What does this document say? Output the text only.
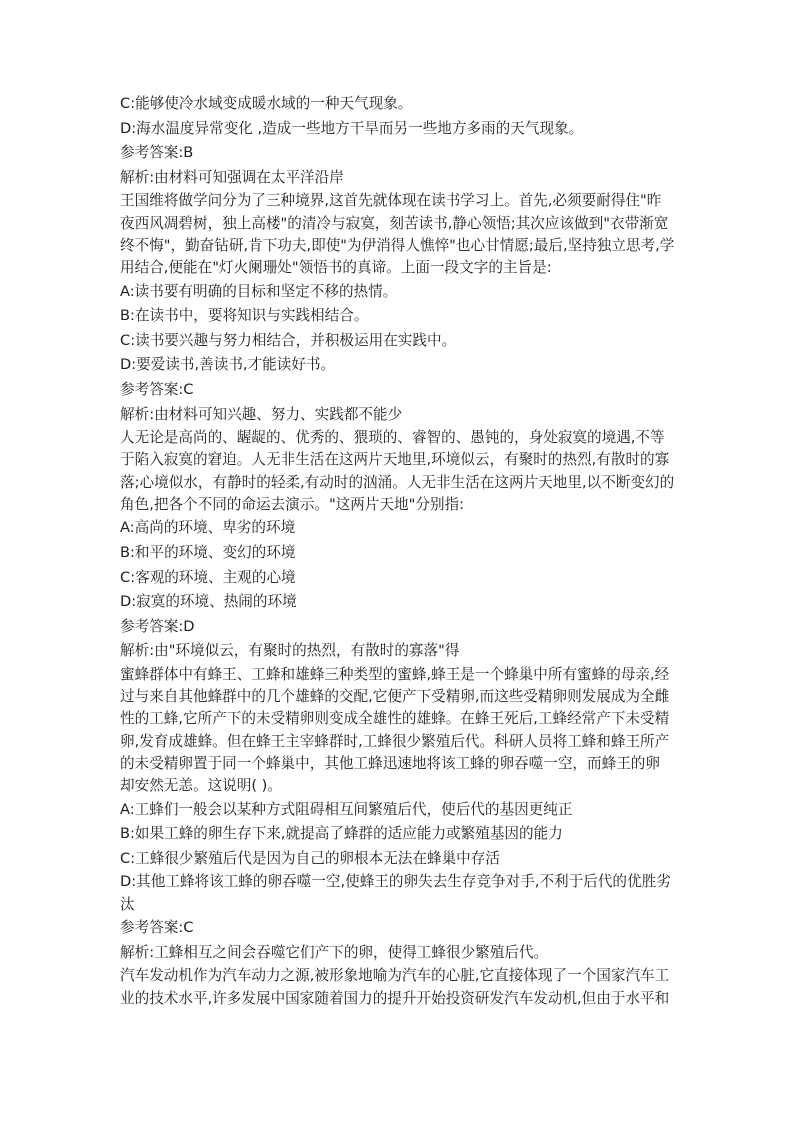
C:能够使冷水域变成暖水域的一种天气现象。
D:海水温度异常变化 ,造成一些地方干旱而另一些地方多雨的天气现象。
参考答案:B
解析:由材料可知强调在太平洋沿岸
王国维将做学问分为了三种境界,这首先就体现在读书学习上。首先,必须要耐得住"昨
夜西风凋碧树，独上高楼"的清冷与寂寞，刻苦读书,静心领悟;其次应该做到"衣带渐宽
终不悔"，勤奋钻研,肯下功夫,即使"为伊消得人憔悴"也心甘情愿;最后,坚持独立思考,学
用结合,便能在"灯火阑珊处"领悟书的真谛。上面一段文字的主旨是:
A:读书要有明确的目标和坚定不移的热情。
B:在读书中，要将知识与实践相结合。
C:读书要兴趣与努力相结合，并积极运用在实践中。
D:要爱读书,善读书,才能读好书。
参考答案:C
解析:由材料可知兴趣、努力、实践都不能少
人无论是高尚的、龌龊的、优秀的、猥琐的、睿智的、愚钝的，身处寂寞的境遇,不等
于陷入寂寞的窘迫。人无非生活在这两片天地里,环境似云，有聚时的热烈,有散时的寡
落;心境似水，有静时的轻柔,有动时的汹涌。人无非生活在这两片天地里,以不断变幻的
角色,把各个不同的命运去演示。"这两片天地"分别指:
A:高尚的环境、卑劣的环境
B:和平的环境、变幻的环境
C:客观的环境、主观的心境
D:寂寞的环境、热闹的环境
参考答案:D
解析:由"环境似云，有聚时的热烈，有散时的寡落"得
蜜蜂群体中有蜂王、工蜂和雄蜂三种类型的蜜蜂,蜂王是一个蜂巢中所有蜜蜂的母亲,经
过与来自其他蜂群中的几个雄蜂的交配,它便产下受精卵,而这些受精卵则发展成为全雌
性的工蜂,它所产下的未受精卵则变成全雄性的雄蜂。在蜂王死后,工蜂经常产下未受精
卵,发育成雄蜂。但在蜂王主宰蜂群时,工蜂很少繁殖后代。科研人员将工蜂和蜂王所产
的未受精卵置于同一个蜂巢中，其他工蜂迅速地将该工蜂的卵吞噬一空，而蜂王的卵
却安然无恙。这说明( )。
A:工蜂们一般会以某种方式阻碍相互间繁殖后代，使后代的基因更纯正
B:如果工蜂的卵生存下来,就提高了蜂群的适应能力或繁殖基因的能力
C:工蜂很少繁殖后代是因为自己的卵根本无法在蜂巢中存活
D:其他工蜂将该工蜂的卵吞噬一空,使蜂王的卵失去生存竞争对手,不利于后代的优胜劣
汰
参考答案:C
解析:工蜂相互之间会吞噬它们产下的卵，使得工蜂很少繁殖后代。
汽车发动机作为汽车动力之源,被形象地喻为汽车的心脏,它直接体现了一个国家汽车工
业的技术水平,许多发展中国家随着国力的提升开始投资研发汽车发动机,但由于水平和
